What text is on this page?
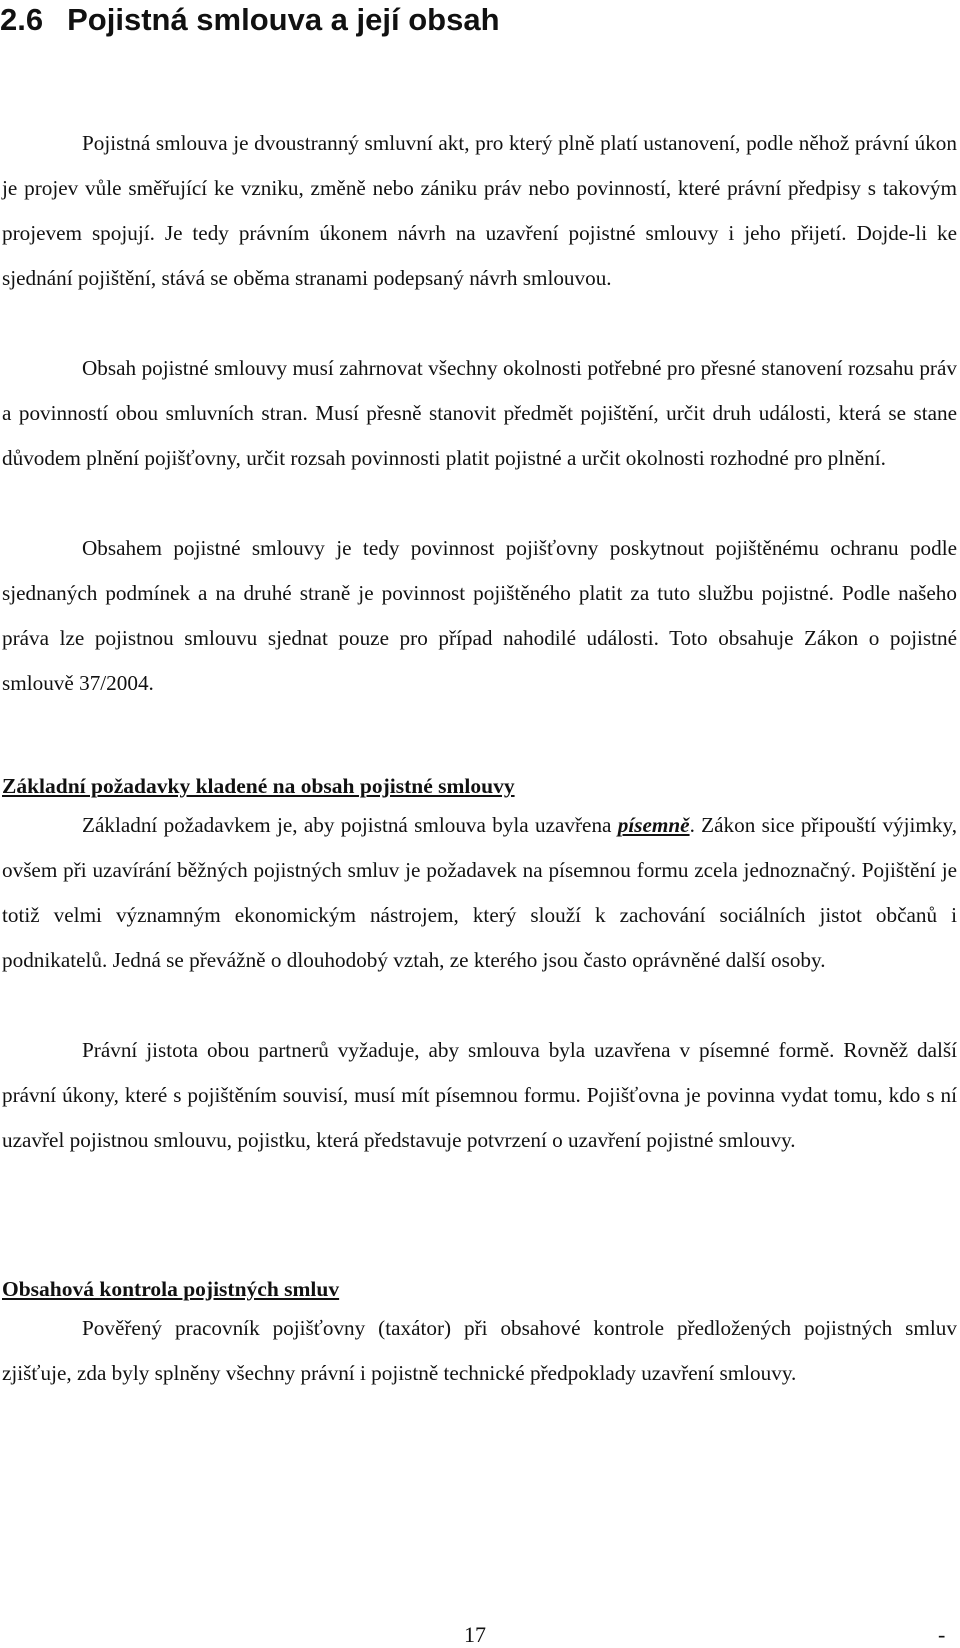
2.6 Pojistná smlouva a její obsah

Pojistná smlouva je dvoustranný smluvní akt, pro který plně platí ustanovení, podle něhož právní úkon je projev vůle směřující ke vzniku, změně nebo zániku práv nebo povinností, které právní předpisy s takovým projevem spojují. Je tedy právním úkonem návrh na uzavření pojistné smlouvy i jeho přijetí. Dojde-li ke sjednání pojištění, stává se oběma stranami podepsaný návrh smlouvou.

Obsah pojistné smlouvy musí zahrnovat všechny okolnosti potřebné pro přesné stanovení rozsahu práv a povinností obou smluvních stran. Musí přesně stanovit předmět pojištění, určit druh události, která se stane důvodem plnění pojišťovny, určit rozsah povinnosti platit pojistné a určit okolnosti rozhodné pro plnění.

Obsahem pojistné smlouvy je tedy povinnost pojišťovny poskytnout pojištěnému ochranu podle sjednaných podmínek a na druhé straně je povinnost pojištěného platit za tuto službu pojistné. Podle našeho práva lze pojistnou smlouvu sjednat pouze pro případ nahodilé události. Toto obsahuje Zákon o pojistné smlouvě 37/2004.

Základní požadavky kladené na obsah pojistné smlouvy

Základní požadavkem je, aby pojistná smlouva byla uzavřena písemně. Zákon sice připouští výjimky, ovšem při uzavírání běžných pojistných smluv je požadavek na písemnou formu zcela jednoznačný. Pojištění je totiž velmi významným ekonomickým nástrojem, který slouží k zachování sociálních jistot občanů i podnikatelů. Jedná se převážně o dlouhodobý vztah, ze kterého jsou často oprávněné další osoby.

Právní jistota obou partnerů vyžaduje, aby smlouva byla uzavřena v písemné formě. Rovněž další právní úkony, které s pojištěním souvisí, musí mít písemnou formu. Pojišťovna je povinna vydat tomu, kdo s ní uzavřel pojistnou smlouvu, pojistku, která představuje potvrzení o uzavření pojistné smlouvy.

Obsahová kontrola pojistných smluv

Pověřený pracovník pojišťovny (taxátor) při obsahové kontrole předložených pojistných smluv zjišťuje, zda byly splněny všechny právní i pojistně technické předpoklady uzavření smlouvy.

17	-
